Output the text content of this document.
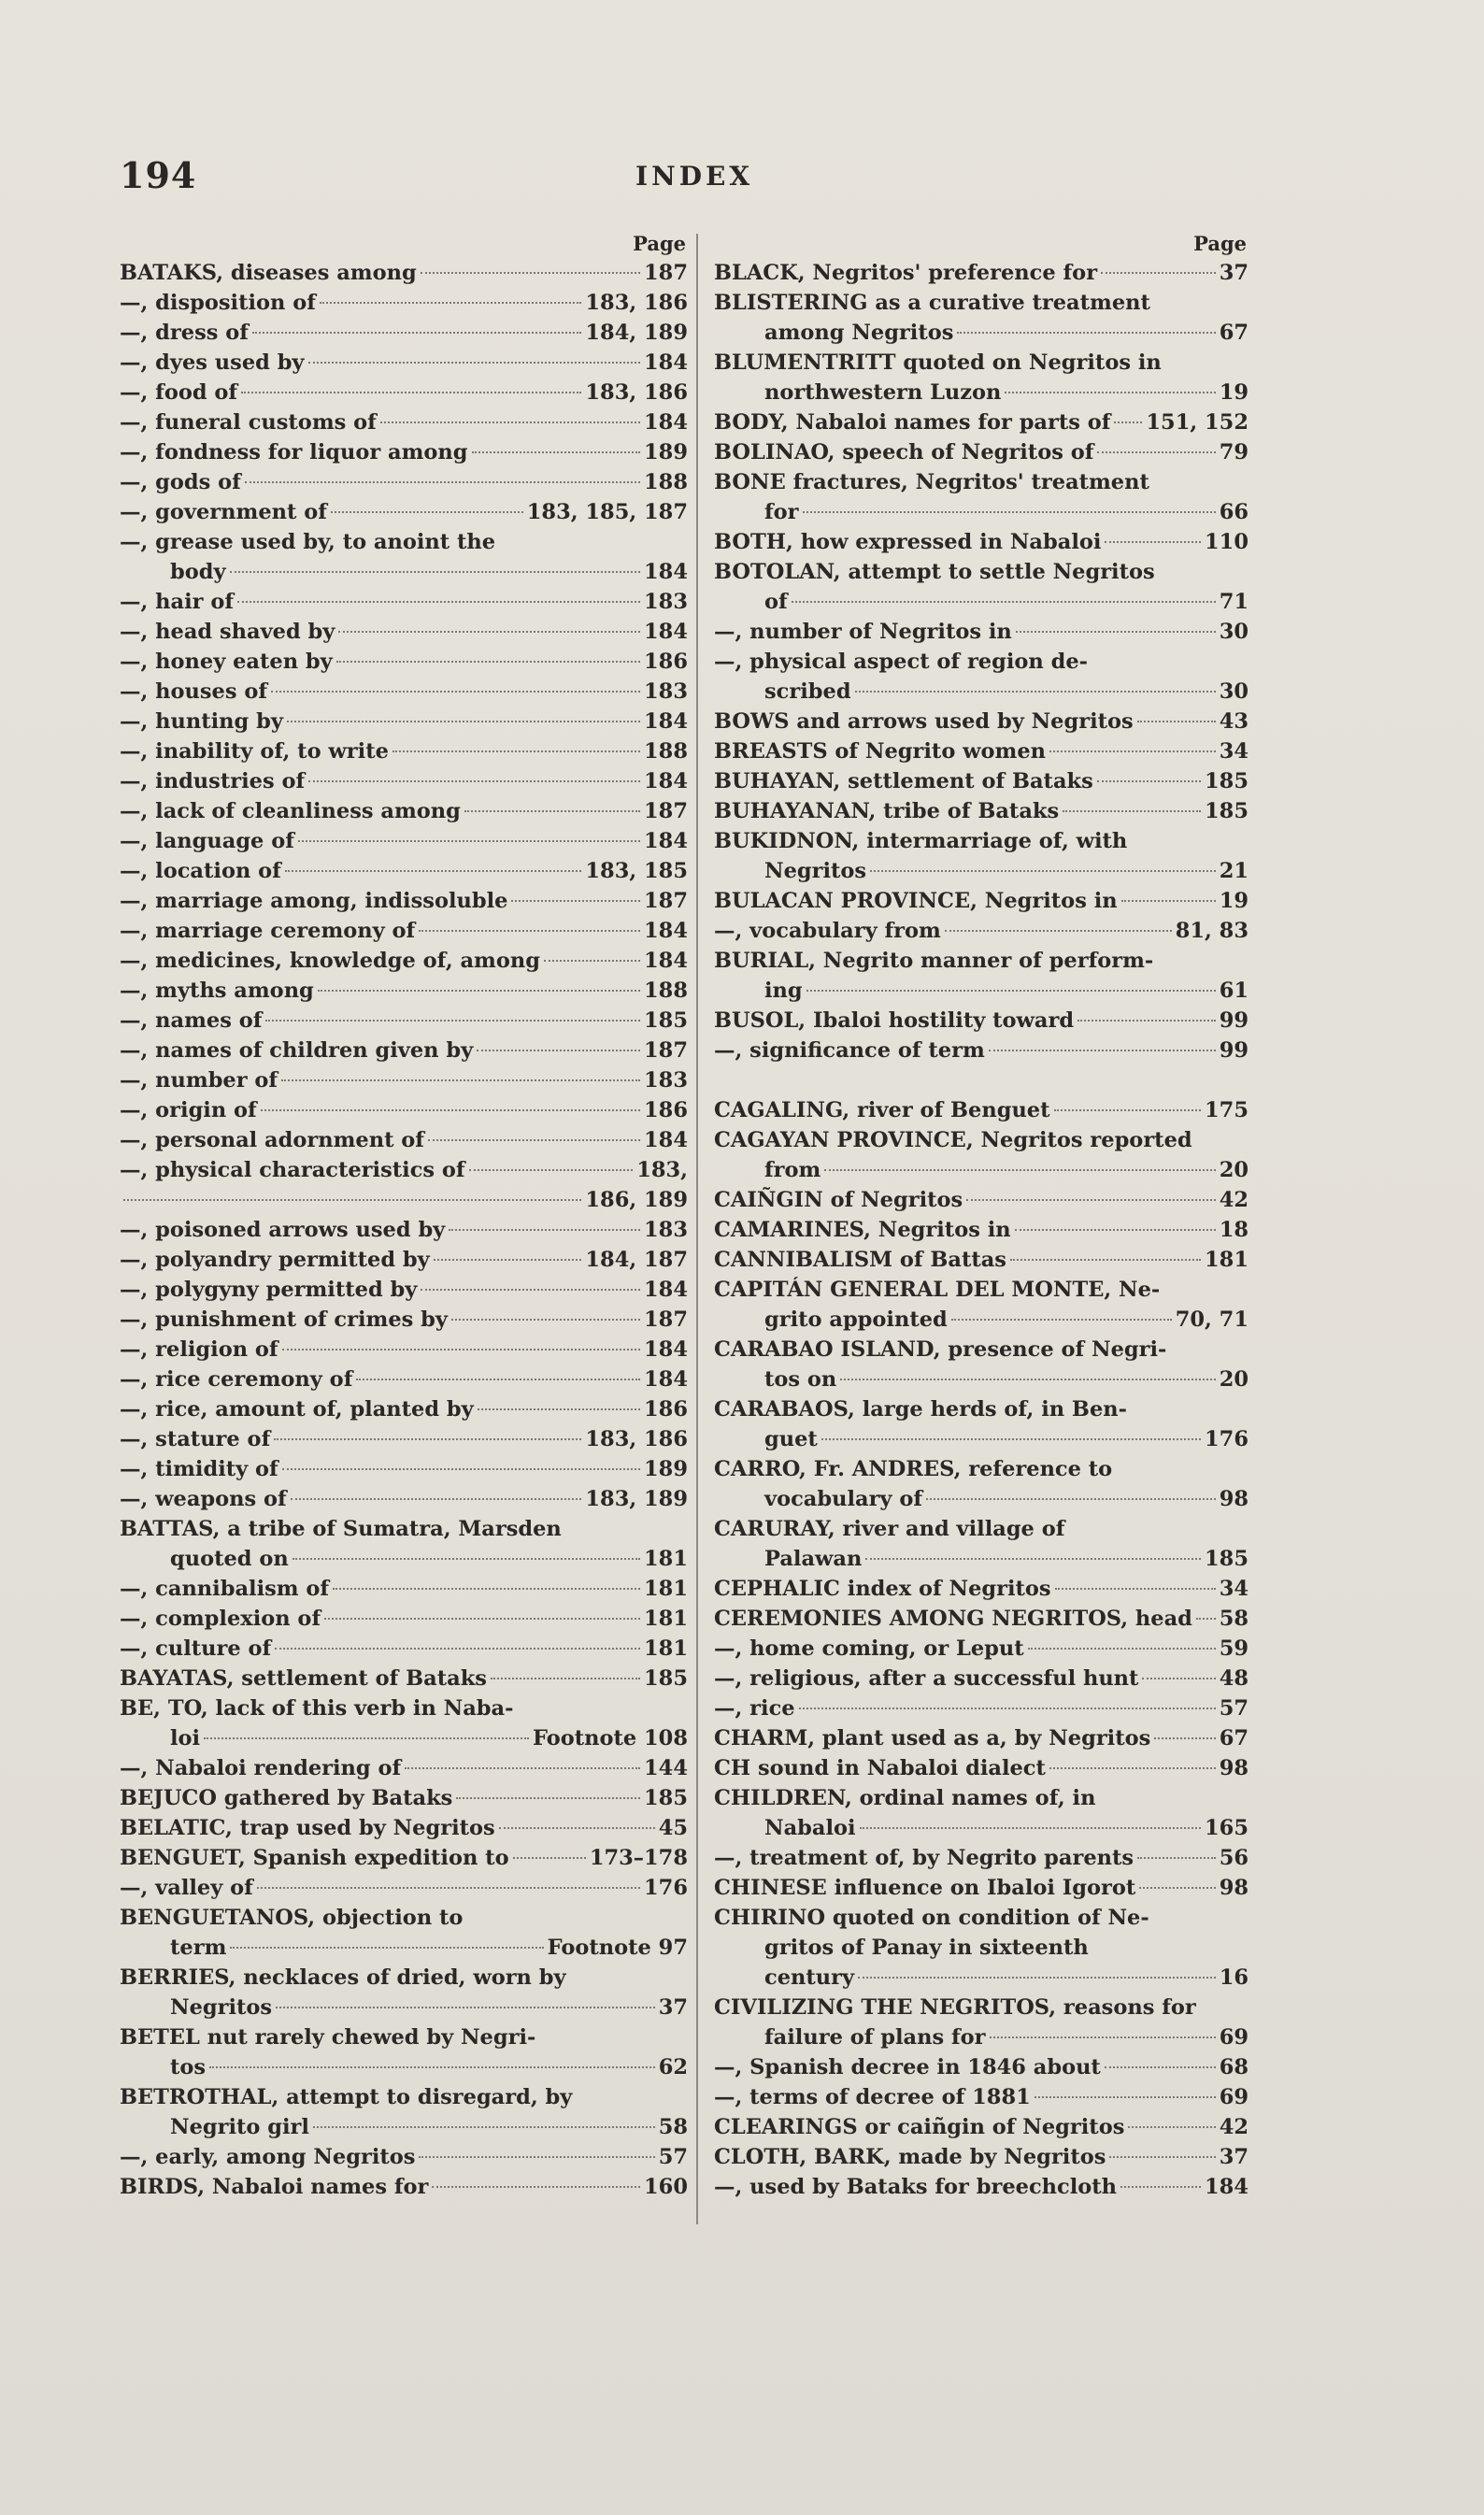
194	INDEX
Page
BATAKS, diseases among	187
—, disposition of	183, 186
—, dress of	184, 189
—, dyes used by	184
—, food of	183, 186
—, funeral customs of	184
—, fondness for liquor among	189
—, gods of	188
—, government of	183, 185, 187
—, grease used by, to anoint the
body	184
—, hair of	183
—, head shaved by	184
—, honey eaten by	186
—, houses of	183
—, hunting by	184
—, inability of, to write	188
—, industries of	184
—, lack of cleanliness among	187
—, language of	184
—, location of	183, 185
—, marriage among, indissoluble	187
—, marriage ceremony of	184
—, medicines, knowledge of, among	184
—, myths among	188
—, names of	185
—, names of children given by	187
—, number of	183
—, origin of	186
—, personal adornment of	184
—, physical characteristics of	183,
186, 189
—, poisoned arrows used by	183
—, polyandry permitted by	184, 187
—, polygyny permitted by	184
—, punishment of crimes by	187
—, religion of	184
—, rice ceremony of	184
—, rice, amount of, planted by	186
—, stature of	183, 186
—, timidity of	189
—, weapons of	183, 189
BATTAS, a tribe of Sumatra, Marsden
quoted on	181
—, cannibalism of	181
—, complexion of	181
—, culture of	181
BAYATAS, settlement of Bataks	185
BE, TO, lack of this verb in Naba-
loi	Footnote 108
—, Nabaloi rendering of	144
BEJUCO gathered by Bataks	185
BELATIC, trap used by Negritos	45
BENGUET, Spanish expedition to	173–178
—, valley of	176
BENGUETANOS, objection to
term	Footnote 97
BERRIES, necklaces of dried, worn by
Negritos	37
BETEL nut rarely chewed by Negri-
tos	62
BETROTHAL, attempt to disregard, by
Negrito girl	58
—, early, among Negritos	57
BIRDS, Nabaloi names for	160
Page
BLACK, Negritos' preference for	37
BLISTERING as a curative treatment
among Negritos	67
BLUMENTRITT quoted on Negritos in
northwestern Luzon	19
BODY, Nabaloi names for parts of 151, 152
BOLINAO, speech of Negritos of	79
BONE fractures, Negritos' treatment
for	66
BOTH, how expressed in Nabaloi	110
BOTOLAN, attempt to settle Negritos
of	71
—, number of Negritos in	30
—, physical aspect of region de-
scribed	30
BOWS and arrows used by Negritos	43
BREASTS of Negrito women	34
BUHAYAN, settlement of Bataks	185
BUHAYANAN, tribe of Bataks	185
BUKIDNON, intermarriage of, with
Negritos	21
BULACAN PROVINCE, Negritos in	19
—, vocabulary from	81, 83
BURIAL, Negrito manner of perform-
ing	61
BUSOL, Ibaloi hostility toward	99
—, significance of term	99
CAGALING, river of Benguet	175
CAGAYAN PROVINCE, Negritos reported
from	20
CAIÑGIN of Negritos	42
CAMARINES, Negritos in	18
CANNIBALISM of Battas	181
CAPITÁN GENERAL DEL MONTE, Ne-
grito appointed	70, 71
CARABAO ISLAND, presence of Negri-
tos on	20
CARABAOS, large herds of, in Ben-
guet	176
CARRO, Fr. ANDRES, reference to
vocabulary of	98
CARURAY, river and village of
Palawan	185
CEPHALIC index of Negritos	34
CEREMONIES AMONG NEGRITOS, head 58
—, home coming, or Leput	59
—, religious, after a successful hunt	48
—, rice	57
CHARM, plant used as a, by Negritos	67
CH sound in Nabaloi dialect	98
CHILDREN, ordinal names of, in
Nabaloi	165
—, treatment of, by Negrito parents	56
CHINESE influence on Ibaloi Igorot	98
CHIRINO quoted on condition of Ne-
gritos of Panay in sixteenth
century	16
CIVILIZING THE NEGRITOS, reasons for
failure of plans for	69
—, Spanish decree in 1846 about	68
—, terms of decree of 1881	69
CLEARINGS or caiñgin of Negritos	42
CLOTH, BARK, made by Negritos	37
—, used by Bataks for breechcloth	184
